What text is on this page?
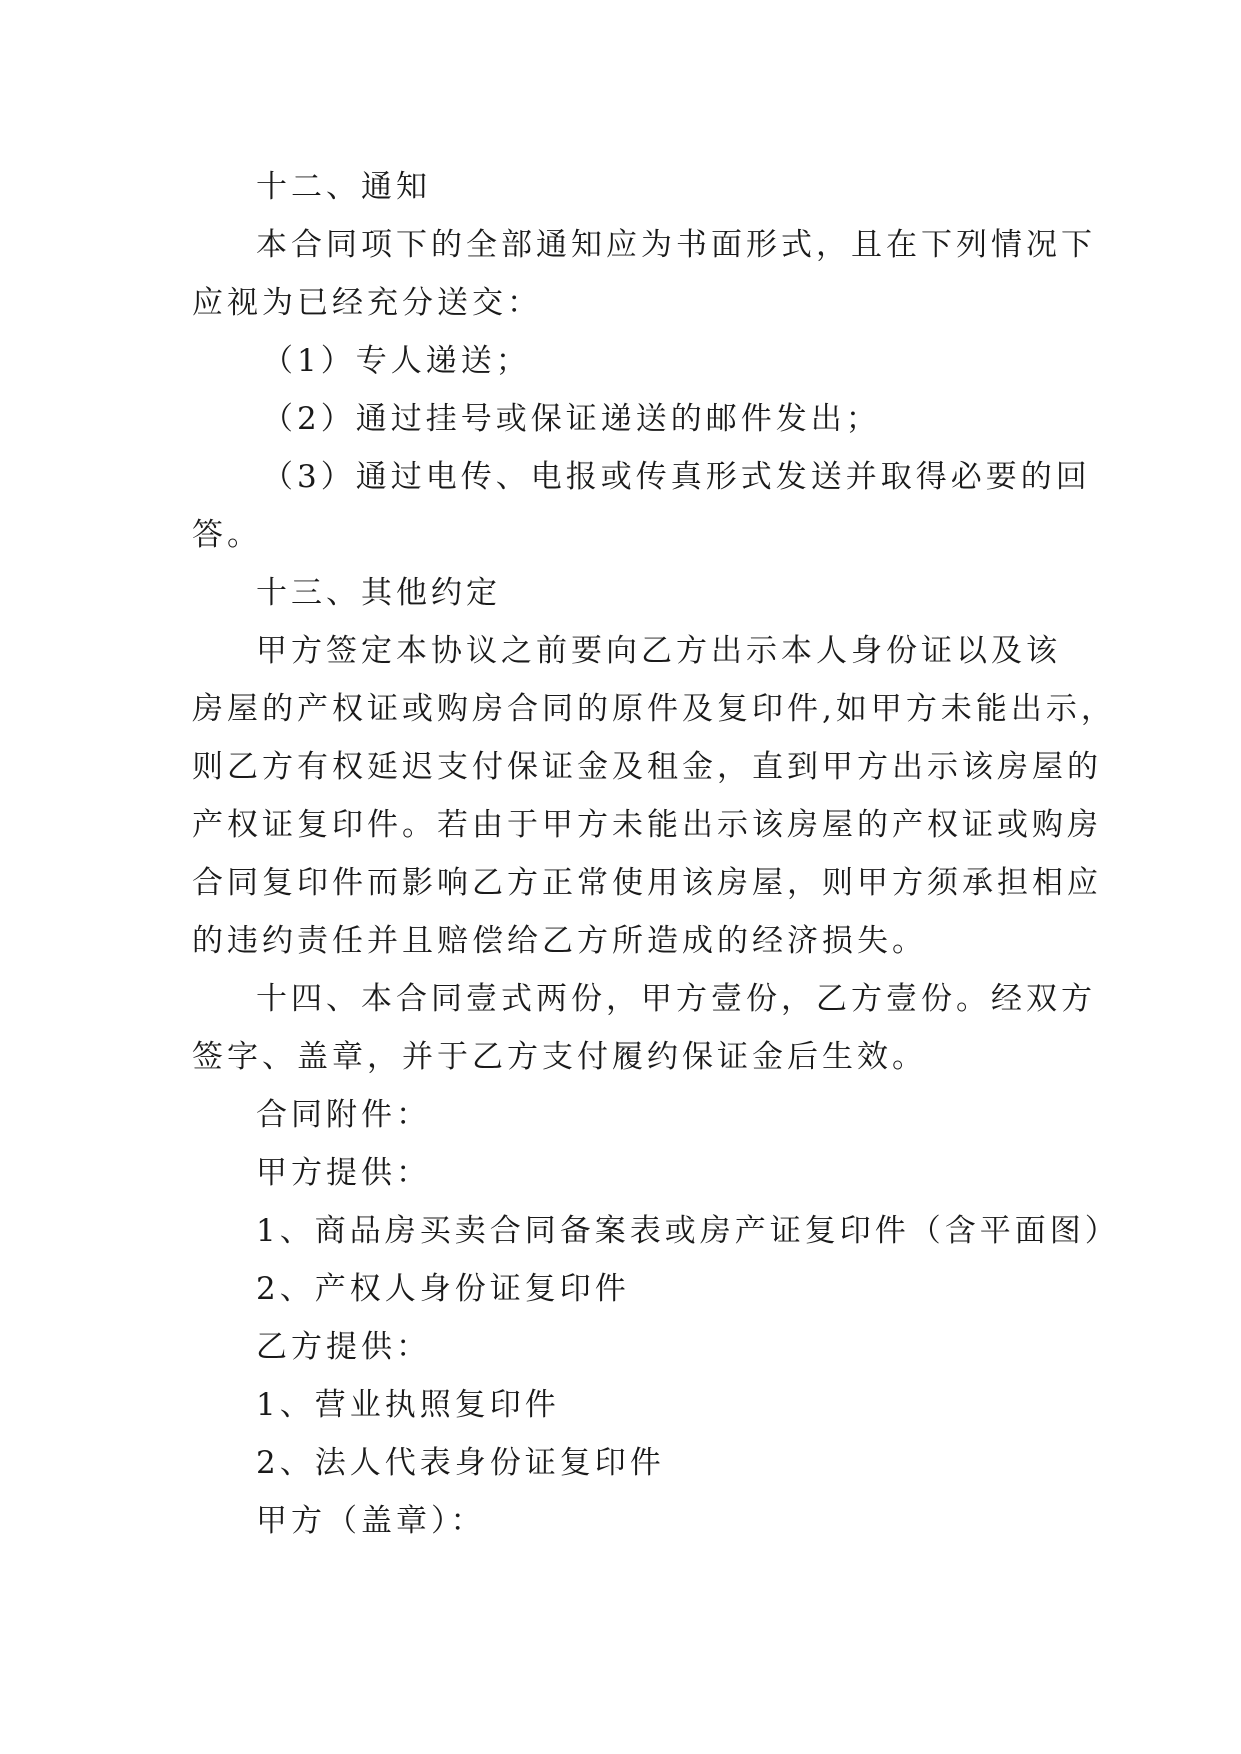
十二、通知
本合同项下的全部通知应为书面形式，且在下列情况下
应视为已经充分送交：
（1）专人递送；
（2）通过挂号或保证递送的邮件发出；
（3）通过电传、电报或传真形式发送并取得必要的回
答。
十三、其他约定
甲方签定本协议之前要向乙方出示本人身份证以及该
房屋的产权证或购房合同的原件及复印件,如甲方未能出示，
则乙方有权延迟支付保证金及租金，直到甲方出示该房屋的
产权证复印件。若由于甲方未能出示该房屋的产权证或购房
合同复印件而影响乙方正常使用该房屋，则甲方须承担相应
的违约责任并且赔偿给乙方所造成的经济损失。
十四、本合同壹式两份，甲方壹份，乙方壹份。经双方
签字、盖章，并于乙方支付履约保证金后生效。
合同附件：
甲方提供：
1、商品房买卖合同备案表或房产证复印件（含平面图）
2、产权人身份证复印件
乙方提供：
1、营业执照复印件
2、法人代表身份证复印件
甲方（盖章）：
